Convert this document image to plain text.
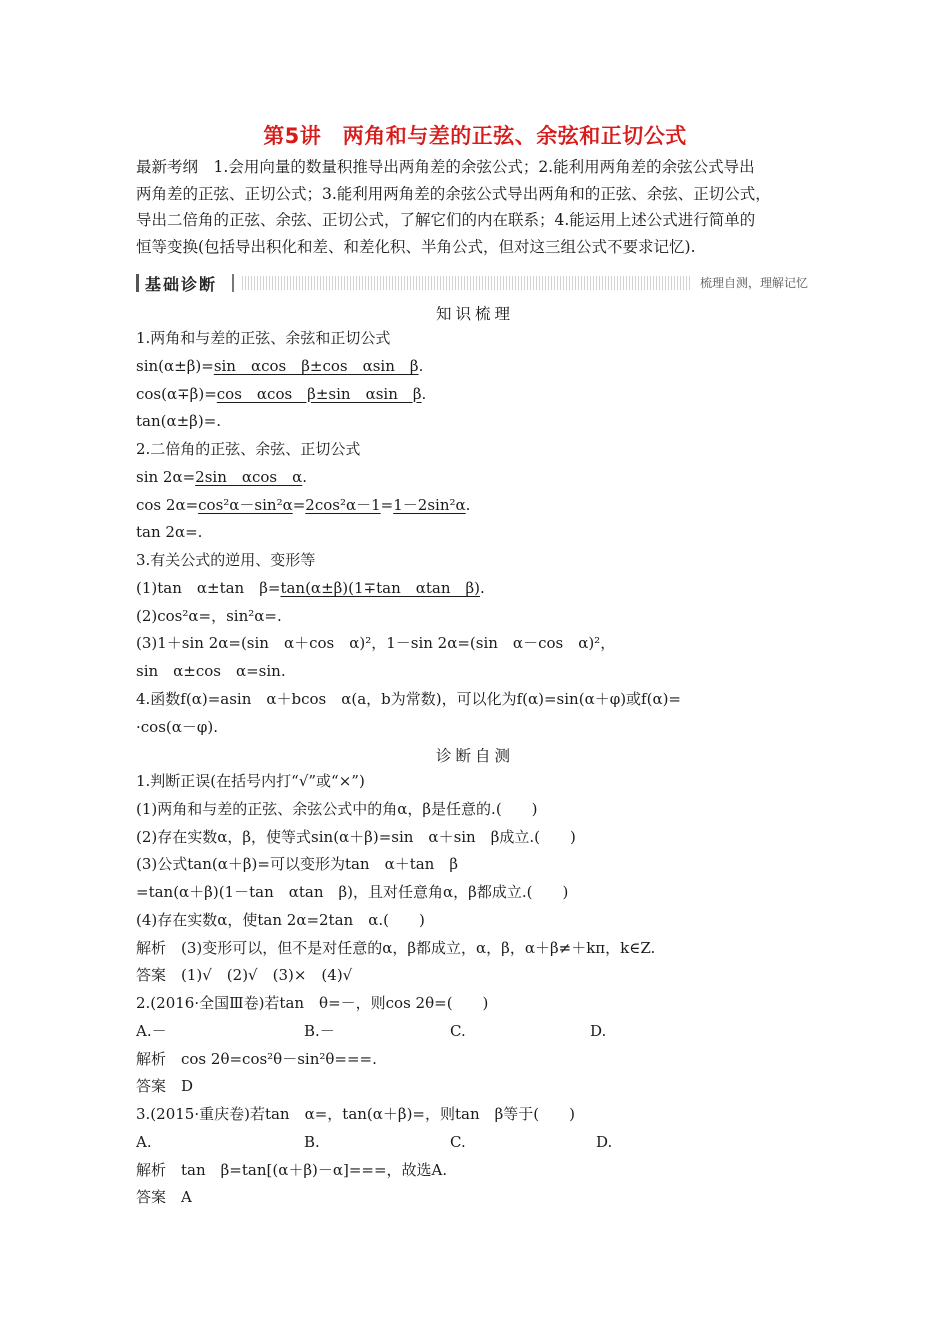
第5讲　两角和与差的正弦、余弦和正切公式
最新考纲　 1.会用向量的数量积推导出两角差的余弦公式；2.能利用两角差的余弦公式导出
两角差的正弦、正切公式；3.能利用两角差的余弦公式导出两角和的正弦、余弦、正切公式，
导出二倍角的正弦、余弦、正切公式，了解它们的内在联系；4.能运用上述公式进行简单的
恒等变换(包括导出积化和差、和差化积、半角公式，但对这三组公式不要求记忆).
基础诊断	梳理自测，理解记忆
知识梳理
1.两角和与差的正弦、余弦和正切公式
sin(α±β)=sin　αcos　β±cos　αsin　β.
cos(α∓β)=cos　αcos　β±sin　αsin　β.
tan(α±β)=.
2.二倍角的正弦、余弦、正切公式
sin 2α=2sin　αcos　α.
cos 2α=cos²α－sin²α=2cos²α－1=1－2sin²α.
tan 2α=.
3.有关公式的逆用、变形等
(1)tan　α±tan　β=tan(α±β)(1∓tan　αtan　β).
(2)cos²α=，sin²α=.
(3)1＋sin 2α=(sin　α＋cos　α)²，1－sin 2α=(sin　α－cos　α)²，
sin　α±cos　α=sin.
4.函数f(α)=asin　α＋bcos　α(a，b为常数)，可以化为f(α)=sin(α＋φ)或f(α)=
·cos(α－φ).
诊断自测
1.判断正误(在括号内打“√”或“×”)
(1)两角和与差的正弦、余弦公式中的角α，β是任意的.(　　)
(2)存在实数α，β，使等式sin(α＋β)=sin　α＋sin　β成立.(　　)
(3)公式tan(α＋β)=可以变形为tan　α＋tan　β
=tan(α＋β)(1－tan　αtan　β)，且对任意角α，β都成立.(　　)
(4)存在实数α，使tan 2α=2tan　α.(　　)
解析　(3)变形可以，但不是对任意的α，β都成立，α，β，α＋β≠＋kπ，k∈Z.
答案　(1)√　(2)√　(3)×　(4)√
2.(2016·全国Ⅲ卷)若tan　θ=－，则cos 2θ=(　　)
A.－	B.－	C.	D.
解析　cos 2θ=cos²θ－sin²θ===.
答案　D
3.(2015·重庆卷)若tan　α=，tan(α＋β)=，则tan　β等于(　　)
A.	B.	C.	D.
解析　tan　β=tan[(α＋β)－α]===，故选A.
答案　A
